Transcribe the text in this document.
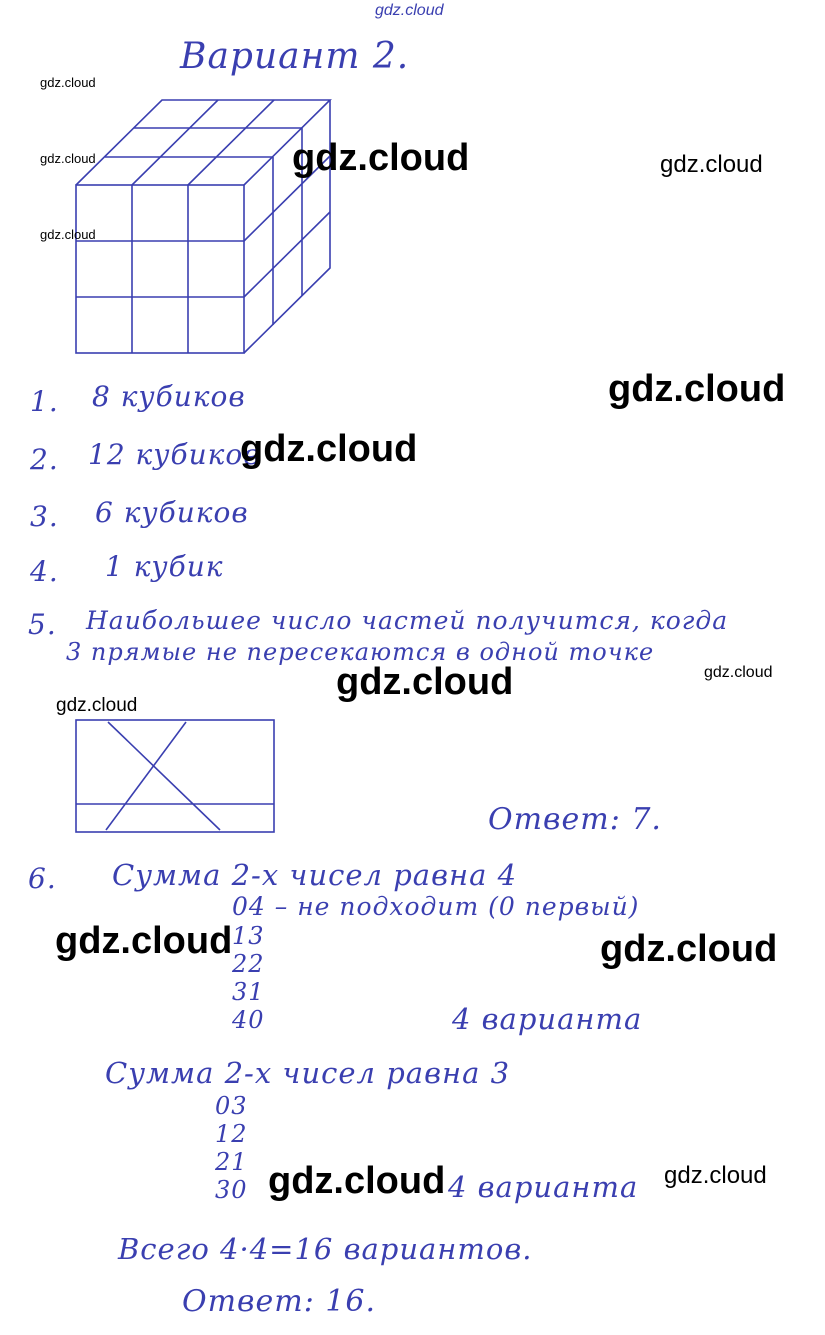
gdz.cloud
Вариант 2.
1. 8 кубиков
2. 12 кубиков
3. 6 кубиков
4. 1 кубик
5. Наибольшее число частей получится, когда
3 прямые не пересекаются в одной точке
Ответ: 7.
6. Сумма 2-х чисел равна 4
04 – не подходит (0 первый)
13
22
31
40	4 варианта
Сумма 2-х чисел равна 3
03
12
21
30	4 варианта
Всего 4·4=16 вариантов.
Ответ: 16.
gdz.cloud
gdz.cloud
gdz.cloud
gdz.cloud	gdz.cloud
gdz.cloud
gdz.cloud
gdz.cloud	gdz.cloud
gdz.cloud
gdz.cloud	gdz.cloud
gdz.cloud	gdz.cloud
